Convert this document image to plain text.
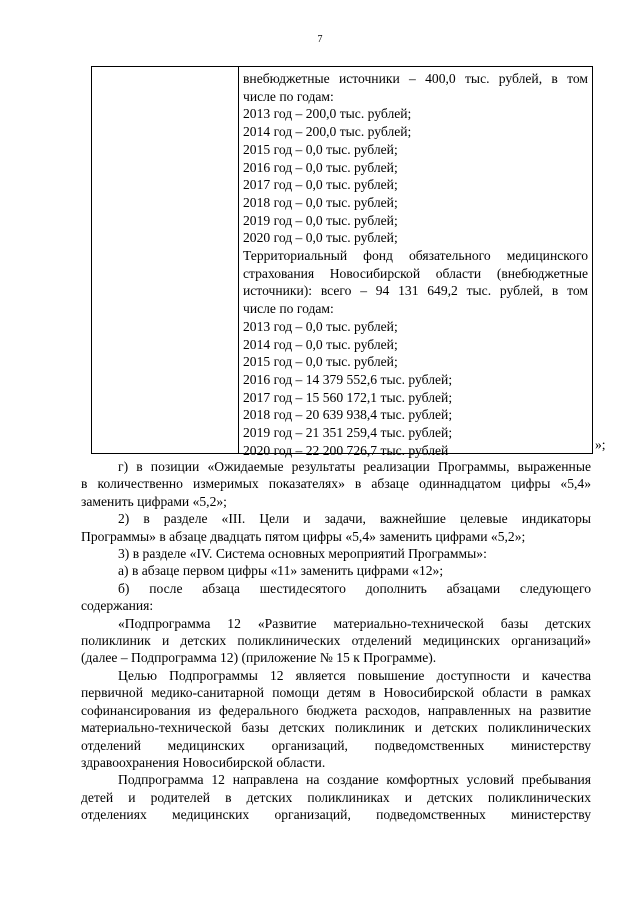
7
внебюджетные источники – 400,0 тыс. рублей, в том
числе по годам:
2013 год – 200,0 тыс. рублей;
2014 год – 200,0 тыс. рублей;
2015 год – 0,0 тыс. рублей;
2016 год – 0,0 тыс. рублей;
2017 год – 0,0 тыс. рублей;
2018 год – 0,0 тыс. рублей;
2019 год – 0,0 тыс. рублей;
2020 год – 0,0 тыс. рублей;
Территориальный фонд обязательного медицинского
страхования Новосибирской области (внебюджетные
источники): всего – 94 131 649,2 тыс. рублей, в том
числе по годам:
2013 год – 0,0 тыс. рублей;
2014 год – 0,0 тыс. рублей;
2015 год – 0,0 тыс. рублей;
2016 год – 14 379 552,6 тыс. рублей;
2017 год – 15 560 172,1 тыс. рублей;
2018 год – 20 639 938,4 тыс. рублей;
2019 год – 21 351 259,4 тыс. рублей;
2020 год – 22 200 726,7 тыс. рублей	»;
г) в позиции «Ожидаемые результаты реализации Программы, выраженные
в количественно измеримых показателях» в абзаце одиннадцатом цифры «5,4»
заменить цифрами «5,2»;
2) в разделе «III. Цели и задачи, важнейшие целевые индикаторы
Программы» в абзаце двадцать пятом цифры «5,4» заменить цифрами «5,2»;
3) в разделе «IV. Система основных мероприятий Программы»:
а) в абзаце первом цифры «11» заменить цифрами «12»;
б) после абзаца шестидесятого дополнить абзацами следующего
содержания:
«Подпрограмма 12 «Развитие материально-технической базы детских
поликлиник и детских поликлинических отделений медицинских организаций»
(далее – Подпрограмма 12) (приложение № 15 к Программе).
Целью Подпрограммы 12 является повышение доступности и качества
первичной медико-санитарной помощи детям в Новосибирской области в рамках
софинансирования из федерального бюджета расходов, направленных на развитие
материально-технической базы детских поликлиник и детских поликлинических
отделений медицинских организаций, подведомственных министерству
здравоохранения Новосибирской области.
Подпрограмма 12 направлена на создание комфортных условий пребывания
детей и родителей в детских поликлиниках и детских поликлинических
отделениях медицинских организаций, подведомственных министерству
